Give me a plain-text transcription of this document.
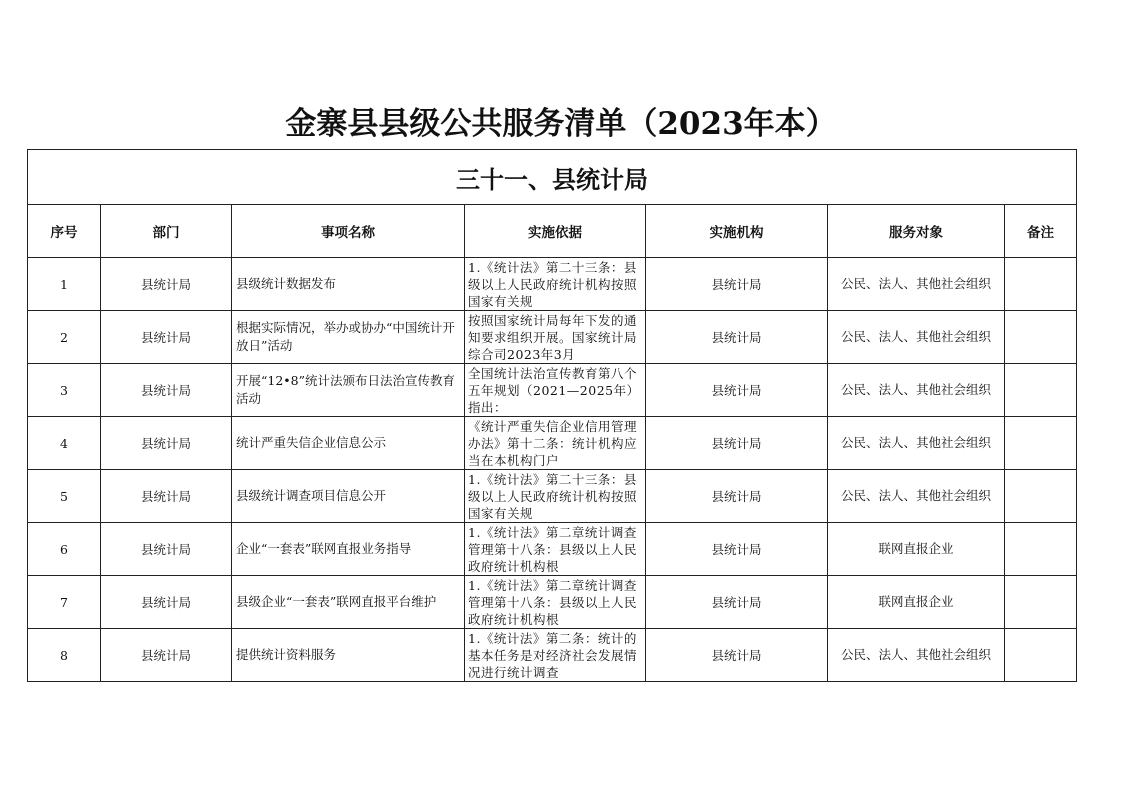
金寨县县级公共服务清单（2023年本）
三十一、县统计局						
序号	部门	事项名称	实施依据	实施机构	服务对象	备注
1	县统计局	县级统计数据发布	1.《统计法》第二十三条：县级以上人民政府统计机构按照国家有关规	县统计局	公民、法人、其他社会组织	

2	县统计局	根据实际情况，举办或协办“中国统计开放日”活动	按照国家统计局每年下发的通知要求组织开展。国家统计局综合司2023年3月	县统计局	公民、法人、其他社会组织	

3	县统计局	开展“12•8”统计法颁布日法治宣传教育活动	全国统计法治宣传教育第八个五年规划（2021—2025年）指出：	县统计局	公民、法人、其他社会组织	

4	县统计局	统计严重失信企业信息公示	《统计严重失信企业信用管理办法》第十二条：统计机构应当在本机构门户	县统计局	公民、法人、其他社会组织	

5	县统计局	县级统计调查项目信息公开	1.《统计法》第二十三条：县级以上人民政府统计机构按照国家有关规	县统计局	公民、法人、其他社会组织	

6	县统计局	企业“一套表”联网直报业务指导	1.《统计法》第二章统计调查管理第十八条：县级以上人民政府统计机构根	县统计局	联网直报企业	

7	县统计局	县级企业“一套表”联网直报平台维护	1.《统计法》第二章统计调查管理第十八条：县级以上人民政府统计机构根	县统计局	联网直报企业	

8	县统计局	提供统计资料服务	1.《统计法》第二条：统计的基本任务是对经济社会发展情况进行统计调查	县统计局	公民、法人、其他社会组织	
